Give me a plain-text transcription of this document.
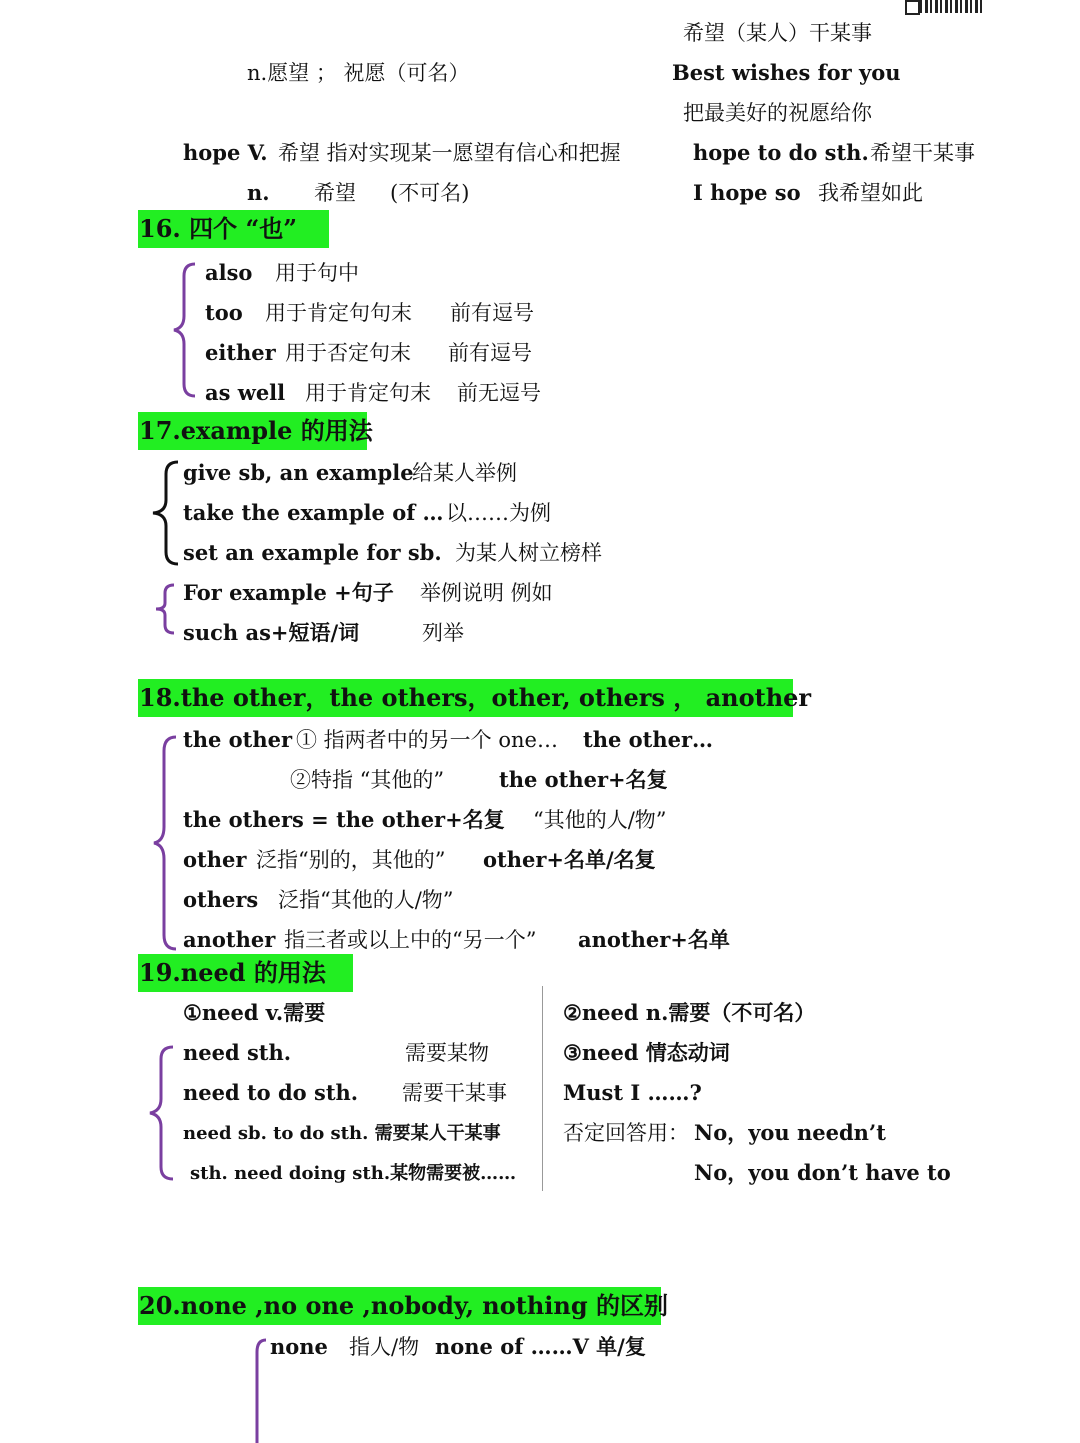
希望（某人）干某事
n.愿望 ； 祝愿（可名）	Best wishes for you
把最美好的祝愿给你
hope V. 希望 指对实现某一愿望有信心和把握	hope to do sth. 希望干某事
n. 希望 (不可名)	I hope so 我希望如此
16. 四个 “也”
also 用于句中
too 用于肯定句句末 前有逗号
either 用于否定句末 前有逗号
as well 用于肯定句末 前无逗号
17.example 的用法
give sb, an example
给某人举例
take the example of … 以……为例
set an example for sb. 为某人树立榜样
For example +句子 举例说明 例如
such as+短语/词	列举
18.the other，the others，other, others ， another
the other ① 指两者中的另一个 one… the other…
②特指 “其他的”	the other+名复
the others = the other+名复 “其他的人/物”
other 泛指“别的，其他的” other+名单/名复
others 泛指“其他的人/物”
another 指三者或以上中的“另一个” another+名单
19.need 的用法
①need v.需要
need sth.	需要某物
need to do sth. 需要干某事
need sb. to do sth. 需要某人干某事
sth. need doing sth.某物需要被……
②need n.需要（不可名）
③need 情态动词
Must I ……?
否定回答用： No，you needn’t
No，you don’t have to
20.none ,no one ,nobody, nothing 的区别
none 指人/物 none of ……V 单/复
